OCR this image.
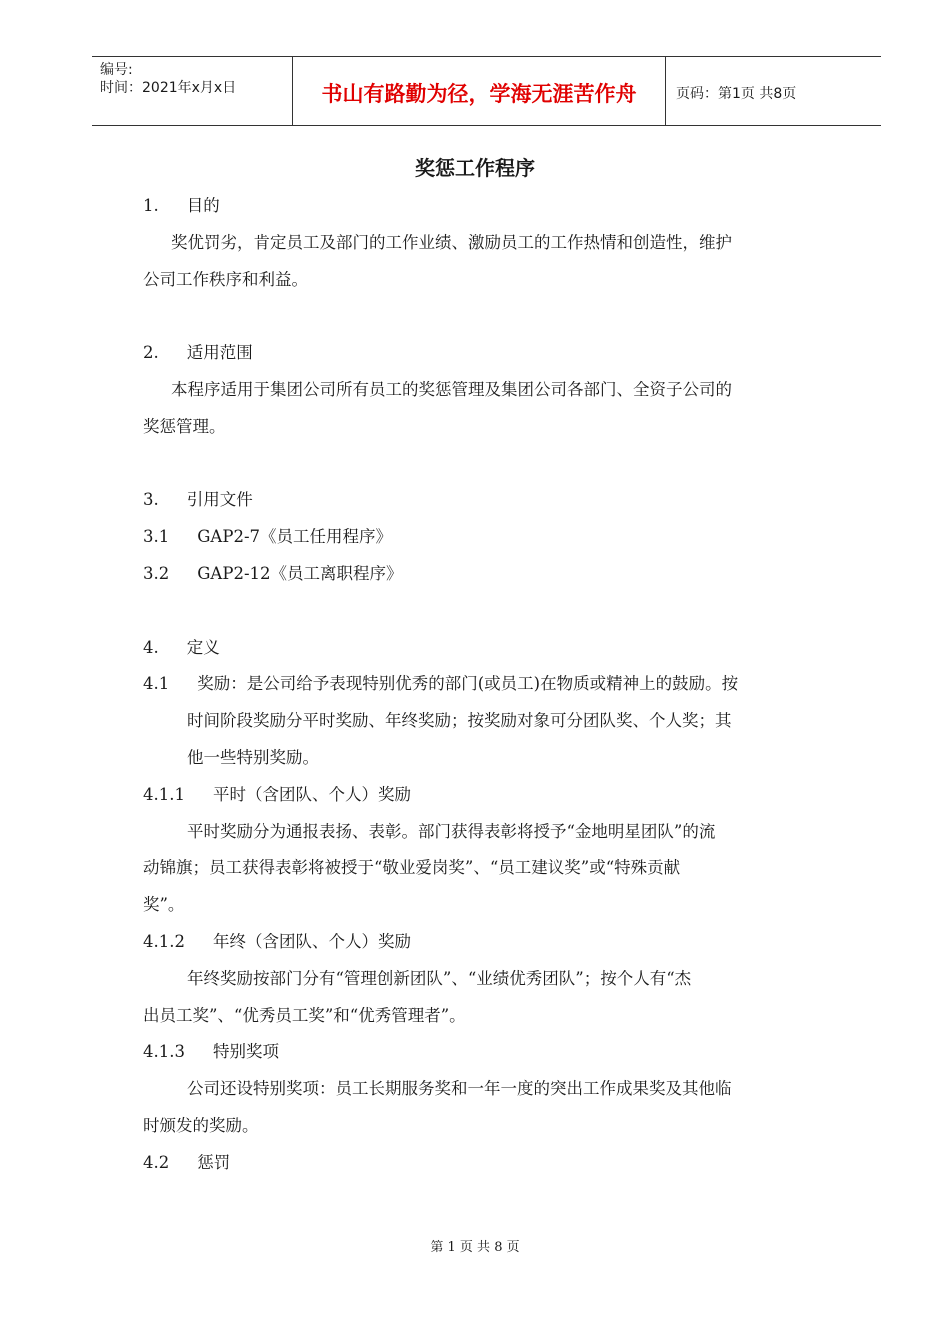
编号:
时间：2021年x月x日	书山有路勤为径，学海无涯苦作舟	页码：第1页 共8页
奖惩工作程序
1. 目的
奖优罚劣，肯定员工及部门的工作业绩、激励员工的工作热情和创造性，维护
公司工作秩序和利益。
2. 适用范围
本程序适用于集团公司所有员工的奖惩管理及集团公司各部门、全资子公司的
奖惩管理。
3. 引用文件
3.1 GAP2-7《员工任用程序》
3.2 GAP2-12《员工离职程序》
4. 定义
4.1 奖励：是公司给予表现特别优秀的部门(或员工)在物质或精神上的鼓励。按
时间阶段奖励分平时奖励、年终奖励；按奖励对象可分团队奖、个人奖；其
他一些特别奖励。
4.1.1 平时（含团队、个人）奖励
平时奖励分为通报表扬、表彰。部门获得表彰将授予“金地明星团队”的流
动锦旗；员工获得表彰将被授于“敬业爱岗奖”、“员工建议奖”或“特殊贡献
奖”。
4.1.2 年终（含团队、个人）奖励
年终奖励按部门分有“管理创新团队”、“业绩优秀团队”；按个人有“杰
出员工奖”、“优秀员工奖”和“优秀管理者”。
4.1.3 特别奖项
公司还设特别奖项：员工长期服务奖和一年一度的突出工作成果奖及其他临
时颁发的奖励。
4.2 惩罚
第 1 页 共 8 页
